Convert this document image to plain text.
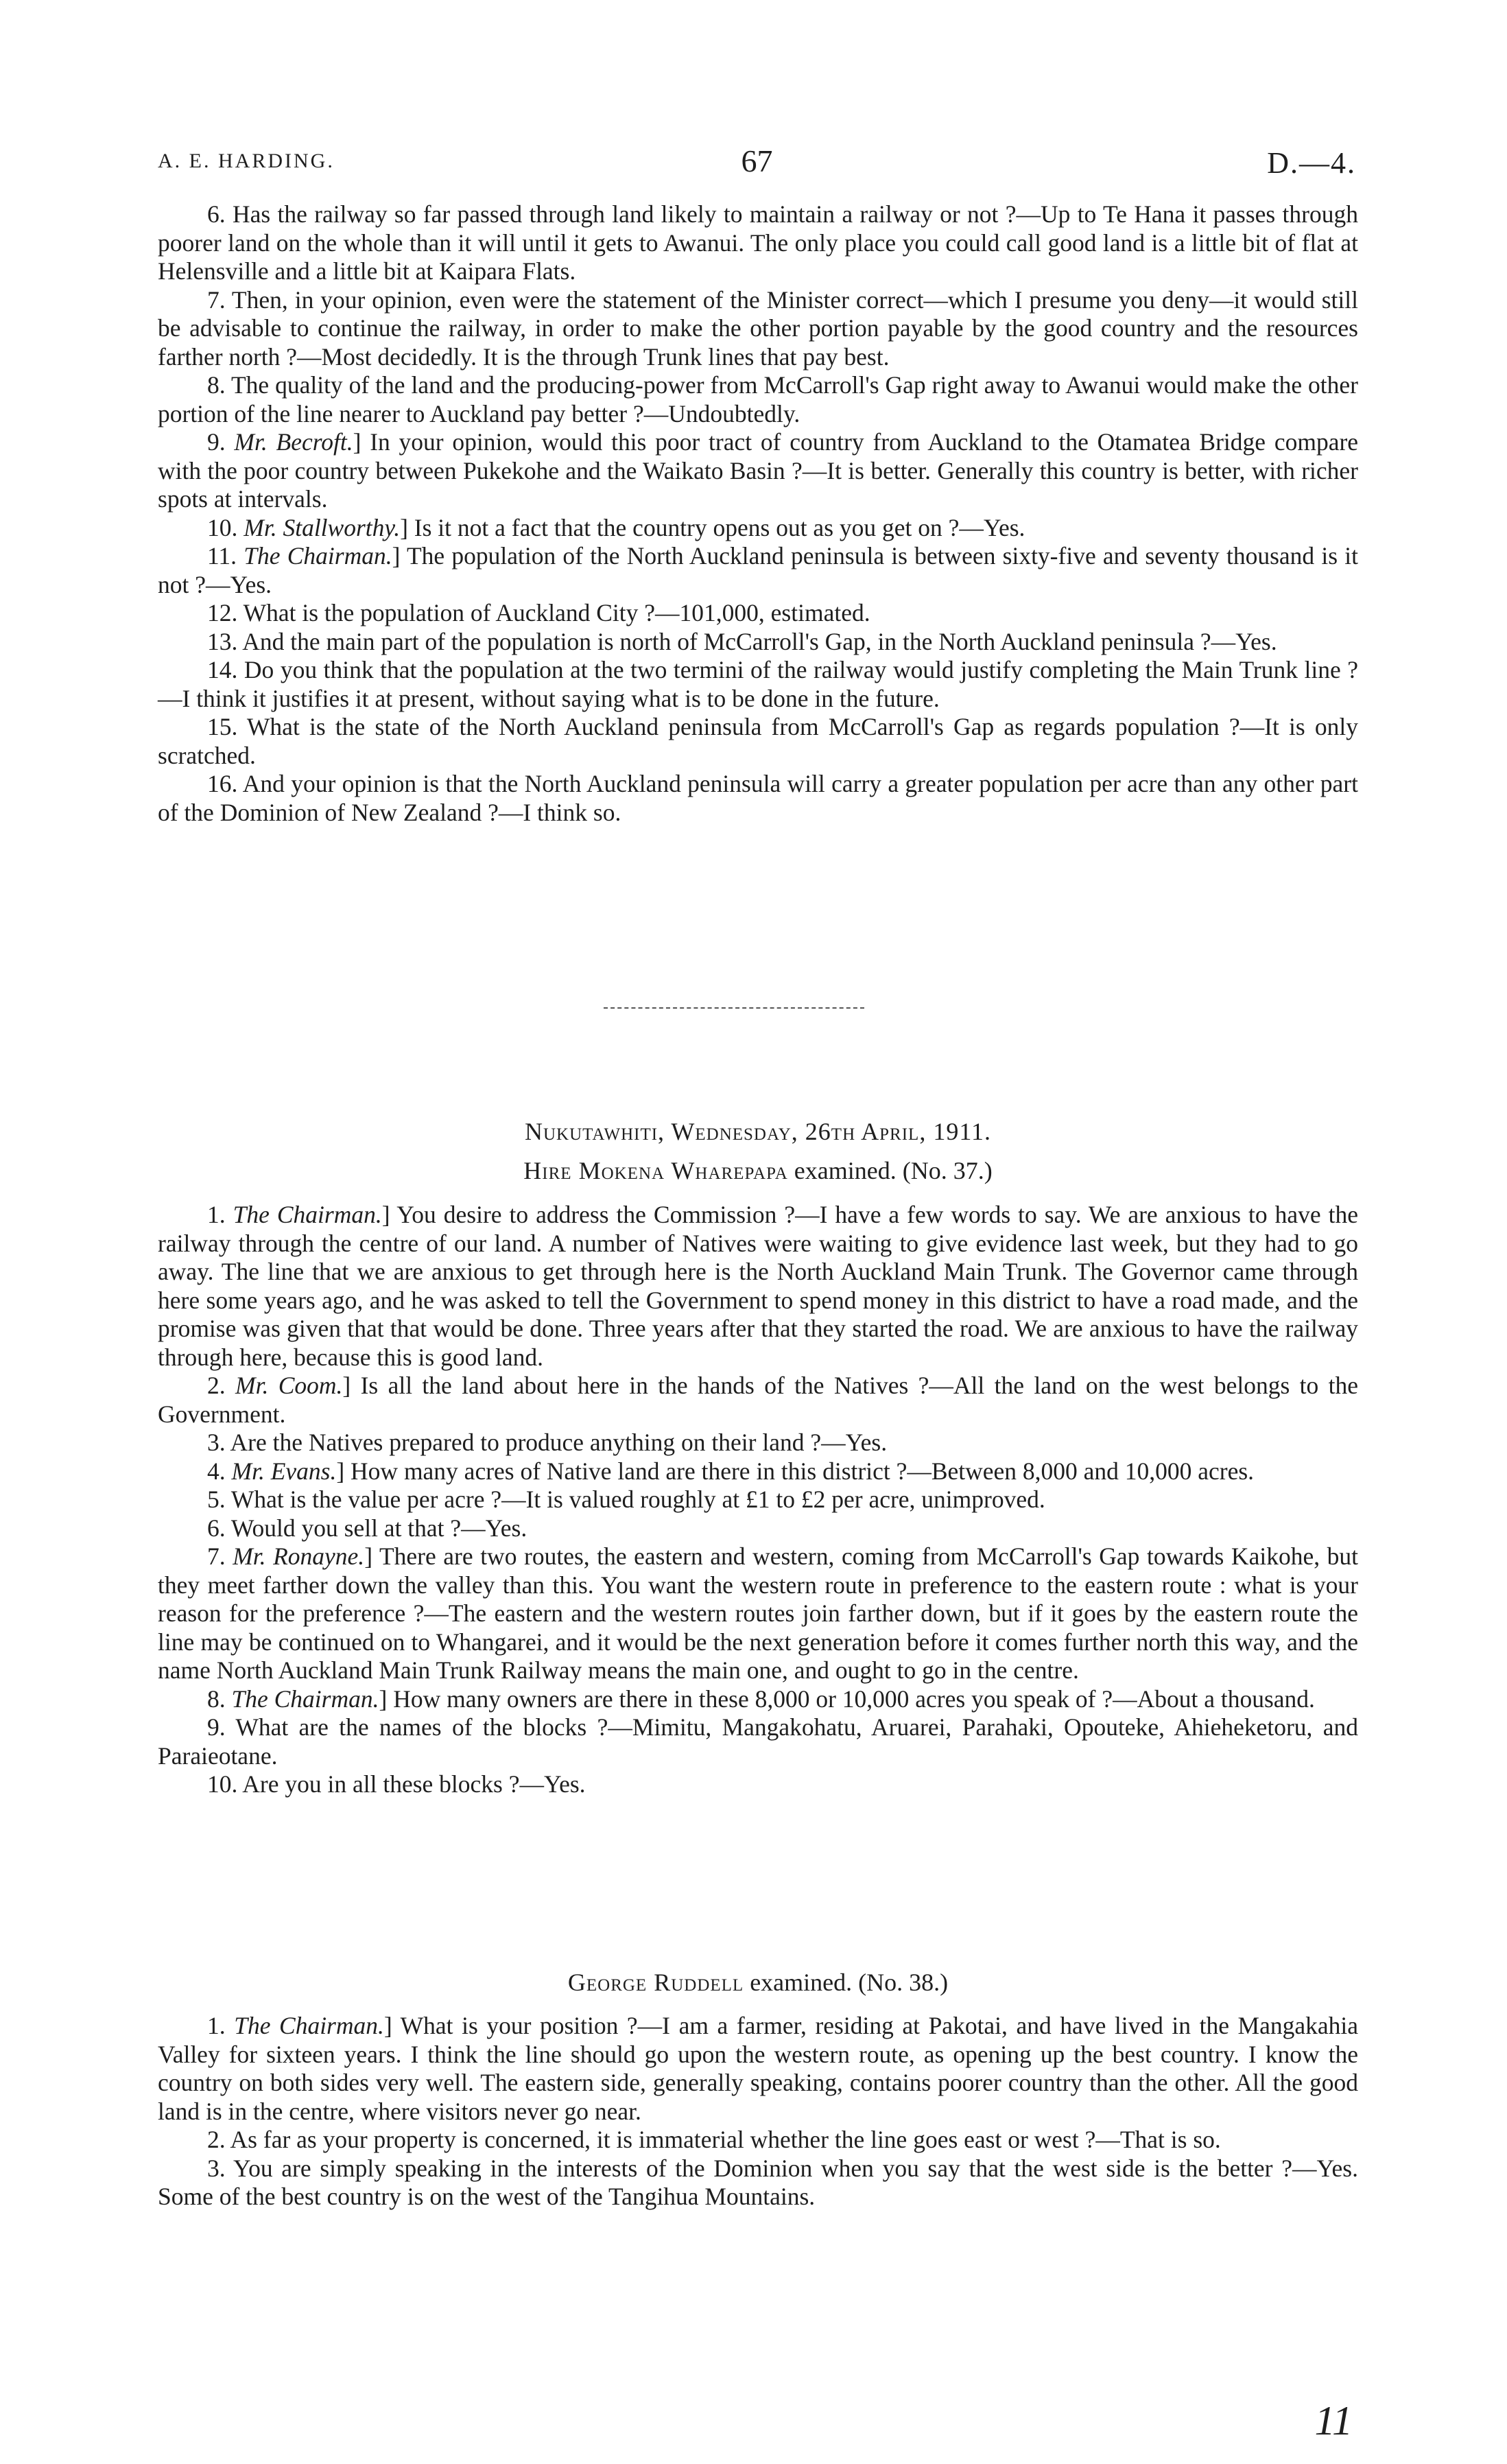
A. E. HARDING.	67	D.—4.

6. Has the railway so far passed through land likely to maintain a railway or not ?—Up to Te Hana it passes through poorer land on the whole than it will until it gets to Awanui. The only place you could call good land is a little bit of flat at Helensville and a little bit at Kaipara Flats.

7. Then, in your opinion, even were the statement of the Minister correct—which I presume you deny—it would still be advisable to continue the railway, in order to make the other portion payable by the good country and the resources farther north ?—Most decidedly. It is the through Trunk lines that pay best.

8. The quality of the land and the producing-power from McCarroll's Gap right away to Awanui would make the other portion of the line nearer to Auckland pay better ?—Undoubtedly.

9. Mr. Becroft.] In your opinion, would this poor tract of country from Auckland to the Otamatea Bridge compare with the poor country between Pukekohe and the Waikato Basin ?—It is better. Generally this country is better, with richer spots at intervals.

10. Mr. Stallworthy.] Is it not a fact that the country opens out as you get on ?—Yes.

11. The Chairman.] The population of the North Auckland peninsula is between sixty-five and seventy thousand is it not ?—Yes.

12. What is the population of Auckland City ?—101,000, estimated.

13. And the main part of the population is north of McCarroll's Gap, in the North Auckland peninsula ?—Yes.

14. Do you think that the population at the two termini of the railway would justify completing the Main Trunk line ?—I think it justifies it at present, without saying what is to be done in the future.

15. What is the state of the North Auckland peninsula from McCarroll's Gap as regards population ?—It is only scratched.

16. And your opinion is that the North Auckland peninsula will carry a greater population per acre than any other part of the Dominion of New Zealand ?—I think so.

Nukutawhiti, Wednesday, 26th April, 1911.
Hire Mokena Wharepapa examined. (No. 37.)

1. The Chairman.] You desire to address the Commission ?—I have a few words to say. We are anxious to have the railway through the centre of our land. A number of Natives were waiting to give evidence last week, but they had to go away. The line that we are anxious to get through here is the North Auckland Main Trunk. The Governor came through here some years ago, and he was asked to tell the Government to spend money in this district to have a road made, and the promise was given that that would be done. Three years after that they started the road. We are anxious to have the railway through here, because this is good land.

2. Mr. Coom.] Is all the land about here in the hands of the Natives ?—All the land on the west belongs to the Government.

3. Are the Natives prepared to produce anything on their land ?—Yes.

4. Mr. Evans.] How many acres of Native land are there in this district ?—Between 8,000 and 10,000 acres.

5. What is the value per acre ?—It is valued roughly at £1 to £2 per acre, unimproved.

6. Would you sell at that ?—Yes.

7. Mr. Ronayne.] There are two routes, the eastern and western, coming from McCarroll's Gap towards Kaikohe, but they meet farther down the valley than this. You want the western route in preference to the eastern route : what is your reason for the preference ?—The eastern and the western routes join farther down, but if it goes by the eastern route the line may be continued on to Whangarei, and it would be the next generation before it comes further north this way, and the name North Auckland Main Trunk Railway means the main one, and ought to go in the centre.

8. The Chairman.] How many owners are there in these 8,000 or 10,000 acres you speak of ?—About a thousand.

9. What are the names of the blocks ?—Mimitu, Mangakohatu, Aruarei, Parahaki, Opouteke, Ahieheketoru, and Paraieotane.

10. Are you in all these blocks ?—Yes.

George Ruddell examined. (No. 38.)

1. The Chairman.] What is your position ?—I am a farmer, residing at Pakotai, and have lived in the Mangakahia Valley for sixteen years. I think the line should go upon the western route, as opening up the best country. I know the country on both sides very well. The eastern side, generally speaking, contains poorer country than the other. All the good land is in the centre, where visitors never go near.

2. As far as your property is concerned, it is immaterial whether the line goes east or west ?—That is so.

3. You are simply speaking in the interests of the Dominion when you say that the west side is the better ?—Yes. Some of the best country is on the west of the Tangihua Mountains.

11
